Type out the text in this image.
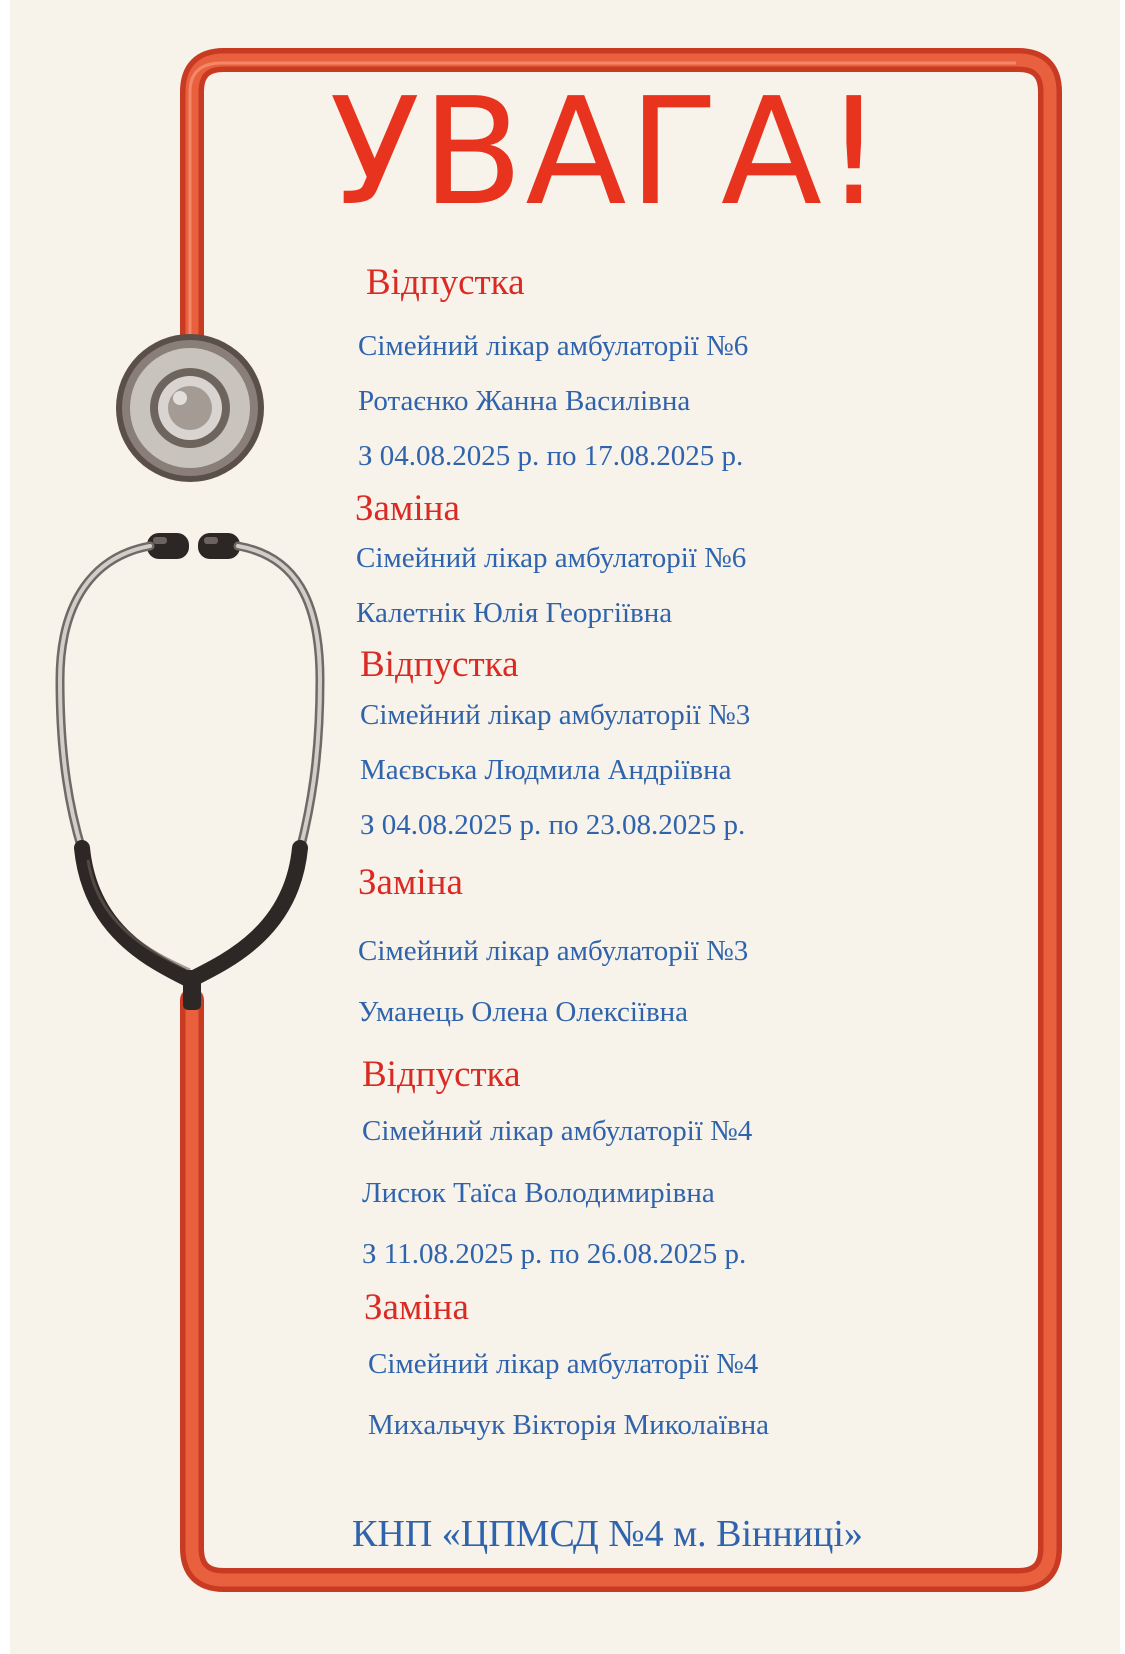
УВАГА!
Відпустка
Сімейний лікар амбулаторії №6
Ротаєнко Жанна Василівна
З 04.08.2025 р. по 17.08.2025 р.
Заміна
Сімейний лікар амбулаторії №6
Калетнік Юлія Георгіївна
Відпустка
Сімейний лікар амбулаторії №3
Маєвська Людмила Андріївна
З 04.08.2025 р. по 23.08.2025 р.
Заміна
Сімейний лікар амбулаторії №3
Уманець Олена Олексіївна
Відпустка
Сімейний лікар амбулаторії №4
Лисюк Таїса Володимирівна
З 11.08.2025 р. по 26.08.2025 р.
Заміна
Сімейний лікар амбулаторії №4
Михальчук Вікторія Миколаївна
КНП «ЦПМСД №4 м. Вінниці»
